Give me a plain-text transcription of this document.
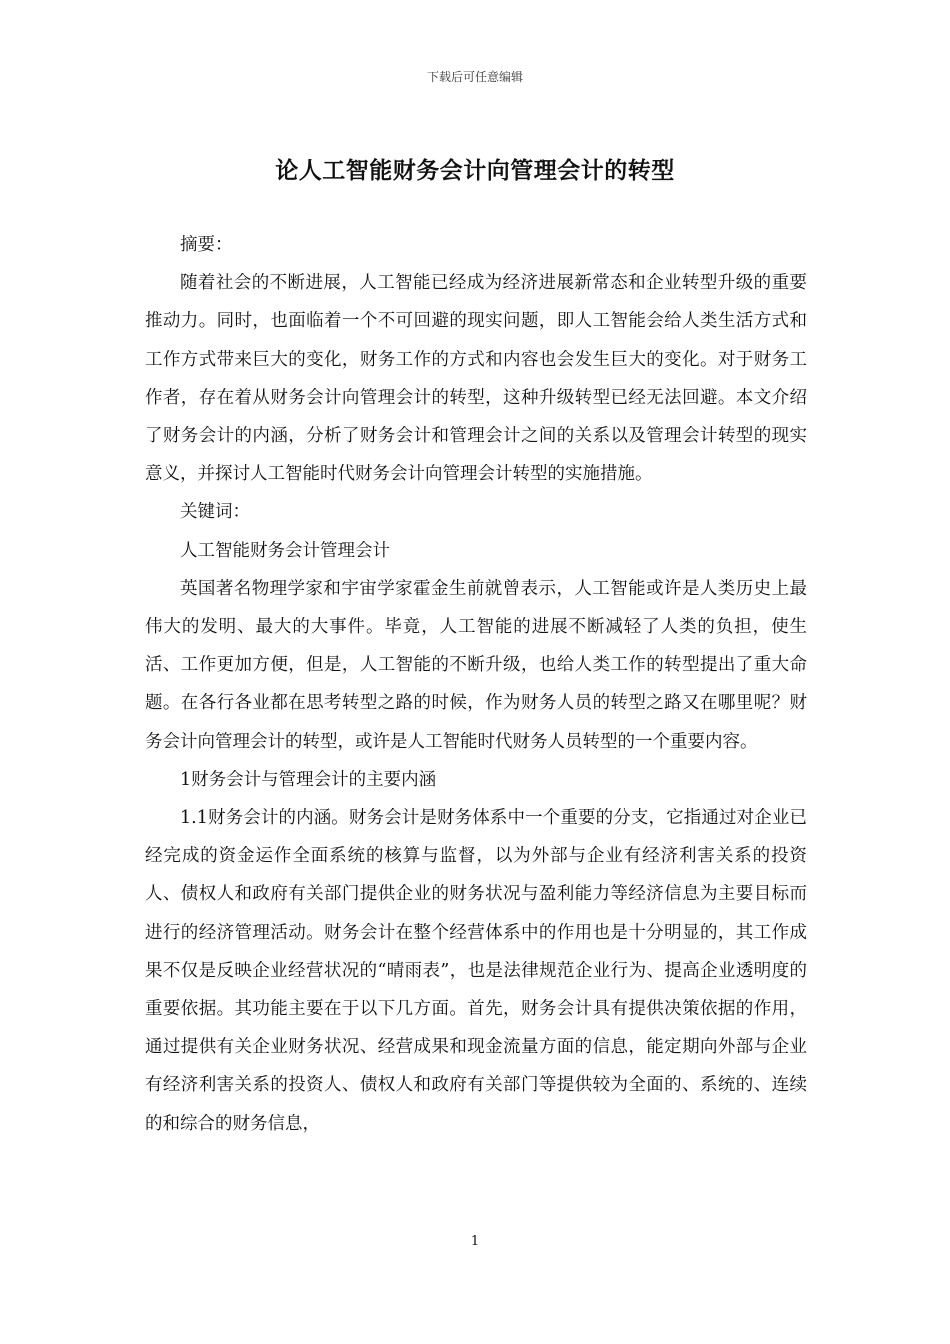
下载后可任意编辑
论人工智能财务会计向管理会计的转型

摘要：

随着社会的不断进展，人工智能已经成为经济进展新常态和企业转型升级的重要推动力。同时，也面临着一个不可回避的现实问题，即人工智能会给人类生活方式和工作方式带来巨大的变化，财务工作的方式和内容也会发生巨大的变化。对于财务工作者，存在着从财务会计向管理会计的转型，这种升级转型已经无法回避。本文介绍了财务会计的内涵，分析了财务会计和管理会计之间的关系以及管理会计转型的现实意义，并探讨人工智能时代财务会计向管理会计转型的实施措施。

关键词：

人工智能财务会计管理会计

英国著名物理学家和宇宙学家霍金生前就曾表示，人工智能或许是人类历史上最伟大的发明、最大的大事件。毕竟，人工智能的进展不断减轻了人类的负担，使生活、工作更加方便，但是，人工智能的不断升级，也给人类工作的转型提出了重大命题。在各行各业都在思考转型之路的时候，作为财务人员的转型之路又在哪里呢？财务会计向管理会计的转型，或许是人工智能时代财务人员转型的一个重要内容。

1财务会计与管理会计的主要内涵

1.1财务会计的内涵。财务会计是财务体系中一个重要的分支，它指通过对企业已经完成的资金运作全面系统的核算与监督，以为外部与企业有经济利害关系的投资人、债权人和政府有关部门提供企业的财务状况与盈利能力等经济信息为主要目标而进行的经济管理活动。财务会计在整个经营体系中的作用也是十分明显的，其工作成果不仅是反映企业经营状况的“晴雨表”，也是法律规范企业行为、提高企业透明度的重要依据。其功能主要在于以下几方面。首先，财务会计具有提供决策依据的作用，通过提供有关企业财务状况、经营成果和现金流量方面的信息，能定期向外部与企业有经济利害关系的投资人、债权人和政府有关部门等提供较为全面的、系统的、连续的和综合的财务信息，

1
